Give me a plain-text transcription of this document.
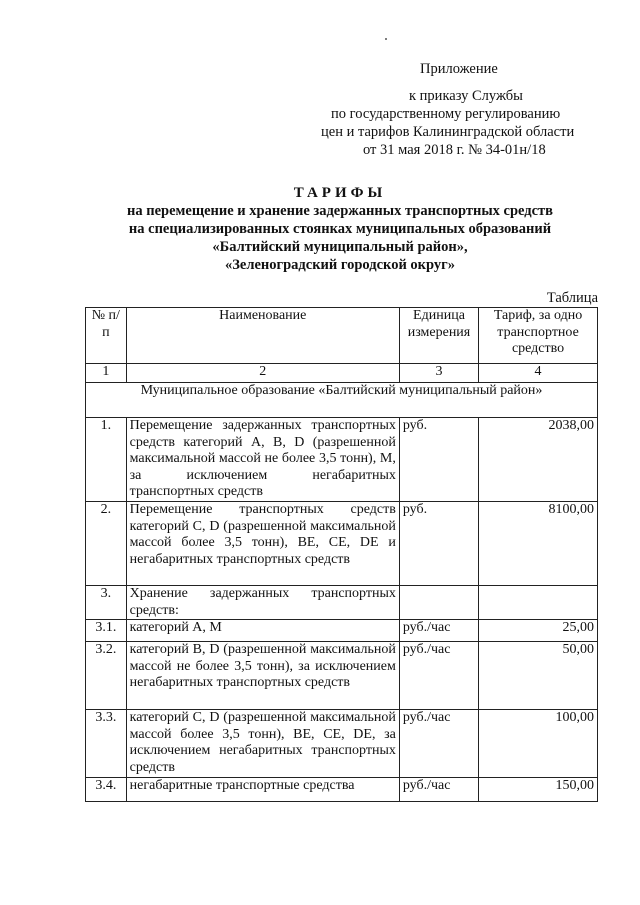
Приложение
к приказу Службы
по государственному регулированию
цен и тарифов Калининградской области
от 31 мая 2018 г. № 34-01н/18
ТАРИФЫ
на перемещение и хранение задержанных транспортных средств
на специализированных стоянках муниципальных образований
«Балтийский муниципальный район»,
«Зеленоградский городской округ»
Таблица
№ п/п	Наименование	Единица измерения	Тариф, за одно транспортное средство
1	2	3	4
Муниципальное образование «Балтийский муниципальный район»			
1.	Перемещение задержанных транспортных средств категорий A, B, D (разрешенной максимальной массой не более 3,5 тонн), M, за исключением негабаритных транспортных средств	руб.	2038,00
2.	Перемещение транспортных средств категорий C, D (разрешенной максимальной массой более 3,5 тонн), BE, CE, DE и негабаритных транспортных средств	руб.	8100,00
3.	Хранение задержанных транспортных средств:		
3.1.	категорий A, M	руб./час	25,00
3.2.	категорий B, D (разрешенной максимальной массой не более 3,5 тонн), за исключением негабаритных транспортных средств	руб./час	50,00
3.3.	категорий C, D (разрешенной максимальной массой более 3,5 тонн), BE, CE, DE, за исключением негабаритных транспортных средств	руб./час	100,00
3.4.	негабаритные транспортные средства	руб./час	150,00
